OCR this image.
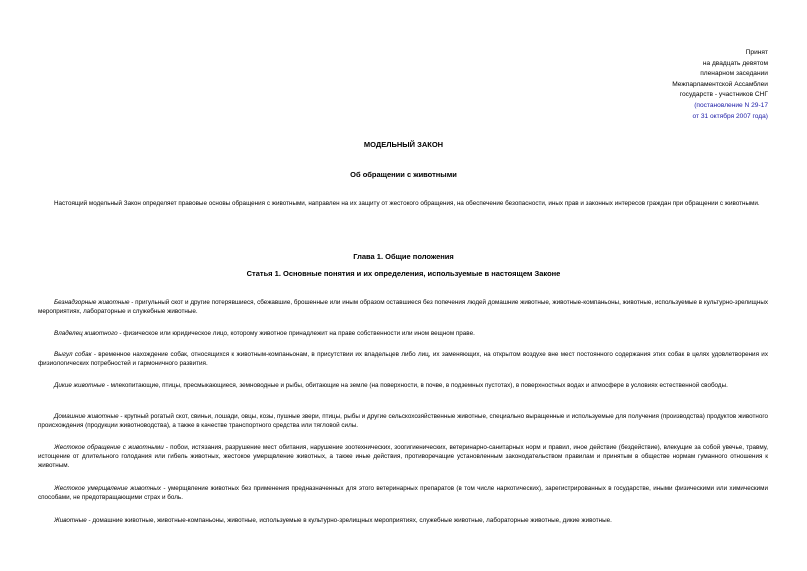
Принят
на двадцать девятом
пленарном заседании
Межпарламентской Ассамблеи
государств - участников СНГ
(постановление N 29-17
от 31 октября 2007 года)
МОДЕЛЬНЫЙ ЗАКОН
Об обращении с животными

Настоящий модельный Закон определяет правовые основы обращения с животными, направлен на их защиту от жестокого обращения, на обеспечение безопасности, иных прав и законных интересов граждан при обращении с животными.

Глава 1. Общие положения
Статья 1. Основные понятия и их определения, используемые в настоящем Законе

Безнадзорные животные - пригульный скот и другие потерявшиеся, сбежавшие, брошенные или иным образом оставшиеся без попечения людей домашние животные, животные-компаньоны, животные, используемые в культурно-зрелищных мероприятиях, лабораторные и служебные животные.

Владелец животного - физическое или юридическое лицо, которому животное принадлежит на праве собственности или ином вещном праве.

Выгул собак - временное нахождение собак, относящихся к животным-компаньонам, в присутствии их владельцев либо лиц, их заменяющих, на открытом воздухе вне мест постоянного содержания этих собак в целях удовлетворения их физиологических потребностей и гармоничного развития.

Дикие животные - млекопитающие, птицы, пресмыкающиеся, земноводные и рыбы, обитающие на земле (на поверхности, в почве, в подземных пустотах), в поверхностных водах и атмосфере в условиях естественной свободы.

Домашние животные - крупный рогатый скот, свиньи, лошади, овцы, козы, пушные звери, птицы, рыбы и другие сельскохозяйственные животные, специально выращенные и используемые для получения (производства) продуктов животного происхождения (продукции животноводства), а также в качестве транспортного средства или тягловой силы.

Жестокое обращение с животными - побои, истязания, разрушение мест обитания, нарушение зоотехнических, зоогигиенических, ветеринарно-санитарных норм и правил, иное действие (бездействие), влекущие за собой увечье, травму, истощение от длительного голодания или гибель животных, жестокое умерщвление животных, а также иные действия, противоречащие установленным законодательством правилам и принятым в обществе нормам гуманного отношения к животным.

Жестокое умерщвление животных - умерщвление животных без применения предназначенных для этого ветеринарных препаратов (в том числе наркотических), зарегистрированных в государстве, иными физическими или химическими способами, не предотвращающими страх и боль.

Животные - домашние животные, животные-компаньоны, животные, используемые в культурно-зрелищных мероприятиях, служебные животные, лабораторные животные, дикие животные.
